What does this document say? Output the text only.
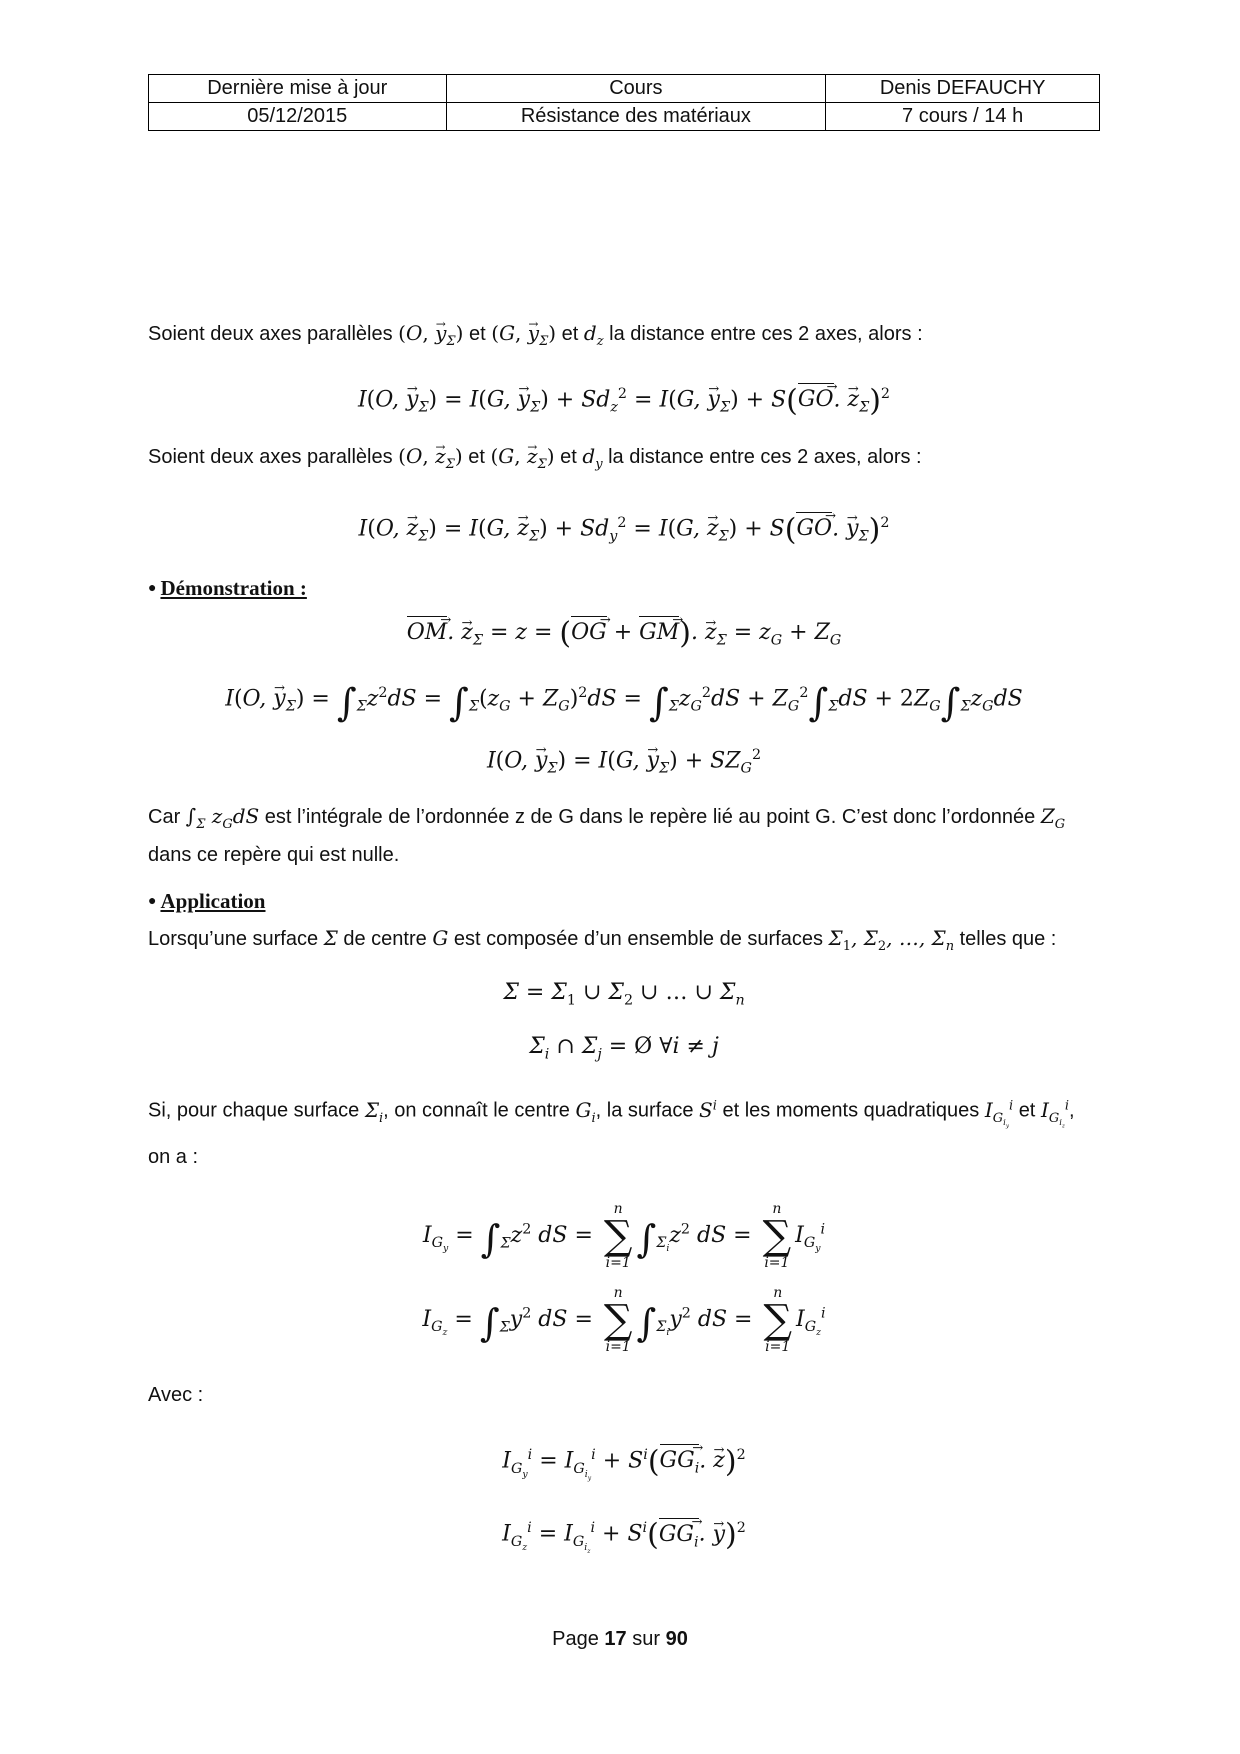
Dernière mise à jour	Cours	Denis DEFAUCHY
05/12/2015	Résistance des matériaux	7 cours / 14 h

Soient deux axes parallèles (O, → $y_\Sigma$) et (G, → $y_\Sigma$) et $d_z$ la distance entre ces 2 axes, alors :

I(O, → $y_\Sigma) = I(G$, → $y_\Sigma) + Sd_z^2 = I(G$, → $y_\Sigma) + S(GO$ →. → $z_\Sigma)^2$

Soient deux axes parallèles (O, → $z_\Sigma$) et (G, → $z_\Sigma$) et $d_y$ la distance entre ces 2 axes, alors :

I(O, → $z_\Sigma) = I(G$, → $z_\Sigma) + Sd_y^2 = I(G$, → $z_\Sigma) + S(GO$ →. → $y_\Sigma)^2$

● Démonstration :

OM →. → $z_\Sigma = z = (OG$ → + GM →). → $z_\Sigma = z_G + Z_G$
I(O, → $y_\Sigma) = \int_\Sigma z^2dS = \int_\Sigma(z_G + Z_G)^2dS = \int_\Sigma z_G^2dS + Z_G^2\int_\Sigma dS + 2Z_G\int_\Sigma z_GdS$
I(O, → $y_\Sigma) = I(G$, → $y_\Sigma) + SZ_G^2$

Car $\int_\Sigma$ $z_GdS$ est l’intégrale de l’ordonnée z de G dans le repère lié au point G. C’est donc l’ordonnée $Z_G$ dans ce repère qui est nulle.

● Application

Lorsqu’une surface Σ de centre G est composée d’un ensemble de surfaces $\Sigma_1$, $\Sigma_2$, …, $\Sigma_n$ telles que :

$\Sigma = \Sigma_1$ ∪ $\Sigma_2$ ∪ … ∪ $\Sigma_n$
$\Sigma_i$ ∩ $\Sigma_j$ = Ø ∀i ≠ j

Si, pour chaque surface $\Sigma_i$, on connaît le centre $G_i$, la surface $S^i$ et les moments quadratiques $I_{G_{i_y}}^i$ et $I_{G_{i_z}}^i$, on a :

$I_{G_y} = \int_\Sigma z^2$ dS =
n
∑
i=1
$\int_{\Sigma_i}z^2$ dS =
n
∑
i=1
$I_{G_y}^i$
$I_{G_z} = \int_\Sigma y^2$ dS =
n
∑
i=1
$\int_{\Sigma_i}y^2$ dS =
n
∑
i=1
$I_{G_z}^i$

Avec :

$I_{G_y}^i = I_{G_{i_y}}^i + S^i(GG_i$ →. → z)$^2$
$I_{G_z}^i = I_{G_{i_z}}^i + S^i(GG_i$ →. → y)$^2$
Page 17 sur 90
